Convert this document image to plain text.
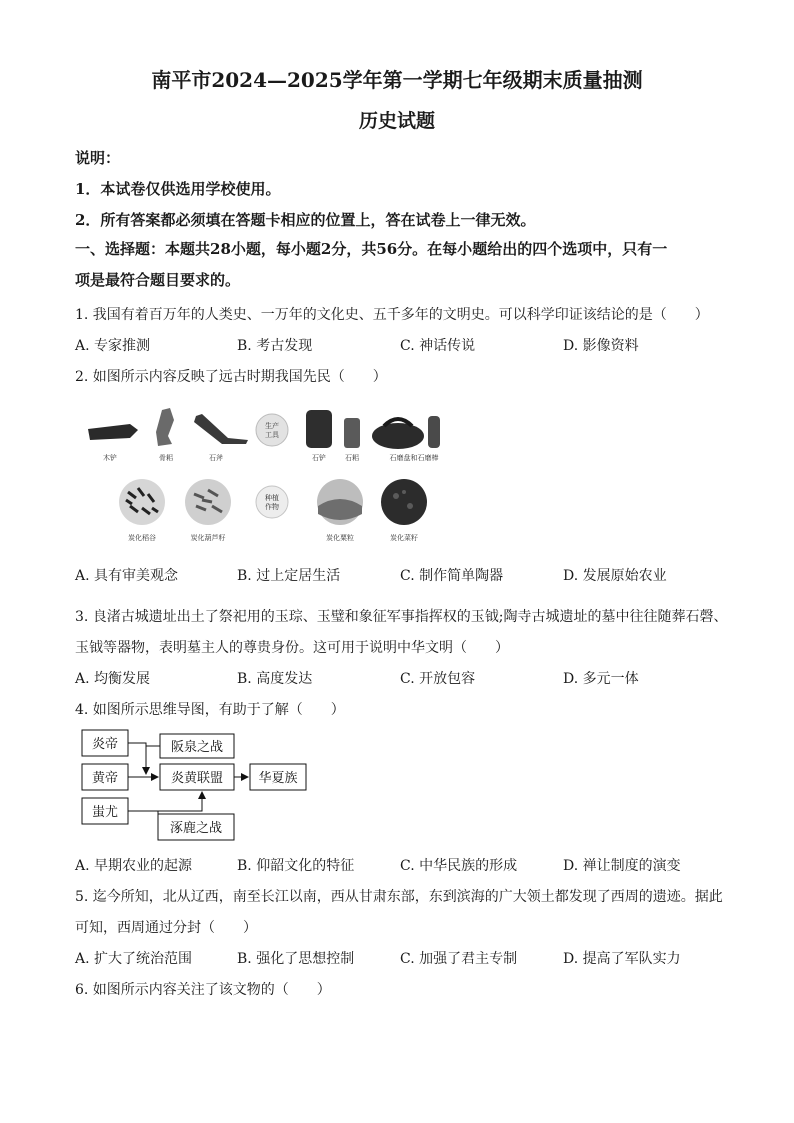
南平市2024—2025学年第一学期七年级期末质量抽测
历史试题
说明：
1．本试卷仅供选用学校使用。
2．所有答案都必须填在答题卡相应的位置上，答在试卷上一律无效。
一、选择题：本题共28小题，每小题2分，共56分。在每小题给出的四个选项中，只有一
项是最符合题目要求的。
1. 我国有着百万年的人类史、一万年的文化史、五千多年的文明史。可以科学印证该结论的是（　　）
A. 专家推测	B. 考古发现	C. 神话传说	D. 影像资料
2. 如图所示内容反映了远古时期我国先民（　　）
生产
工具
木铲	骨耜	石斧	石铲	石耜	石磨盘和石磨棒
种植
作物
炭化稻谷	炭化葫芦籽	炭化粟粒	炭化菜籽
A. 具有审美观念	B. 过上定居生活	C. 制作简单陶器	D. 发展原始农业
3. 良渚古城遗址出土了祭祀用的玉琮、玉璧和象征军事指挥权的玉钺;陶寺古城遗址的墓中往往随葬石磬、
玉钺等器物，表明墓主人的尊贵身份。这可用于说明中华文明（　　）
A. 均衡发展	B. 高度发达	C. 开放包容	D. 多元一体
4. 如图所示思维导图，有助于了解（　　）
炎帝	阪泉之战
黄帝	炎黄联盟	华夏族
蚩尤
涿鹿之战
A. 早期农业的起源	B. 仰韶文化的特征	C. 中华民族的形成	D. 禅让制度的演变
5. 迄今所知，北从辽西，南至长江以南，西从甘肃东部，东到滨海的广大领土都发现了西周的遗迹。据此
可知，西周通过分封（　　）
A. 扩大了统治范围	B. 强化了思想控制	C. 加强了君主专制	D. 提高了军队实力
6. 如图所示内容关注了该文物的（　　）
